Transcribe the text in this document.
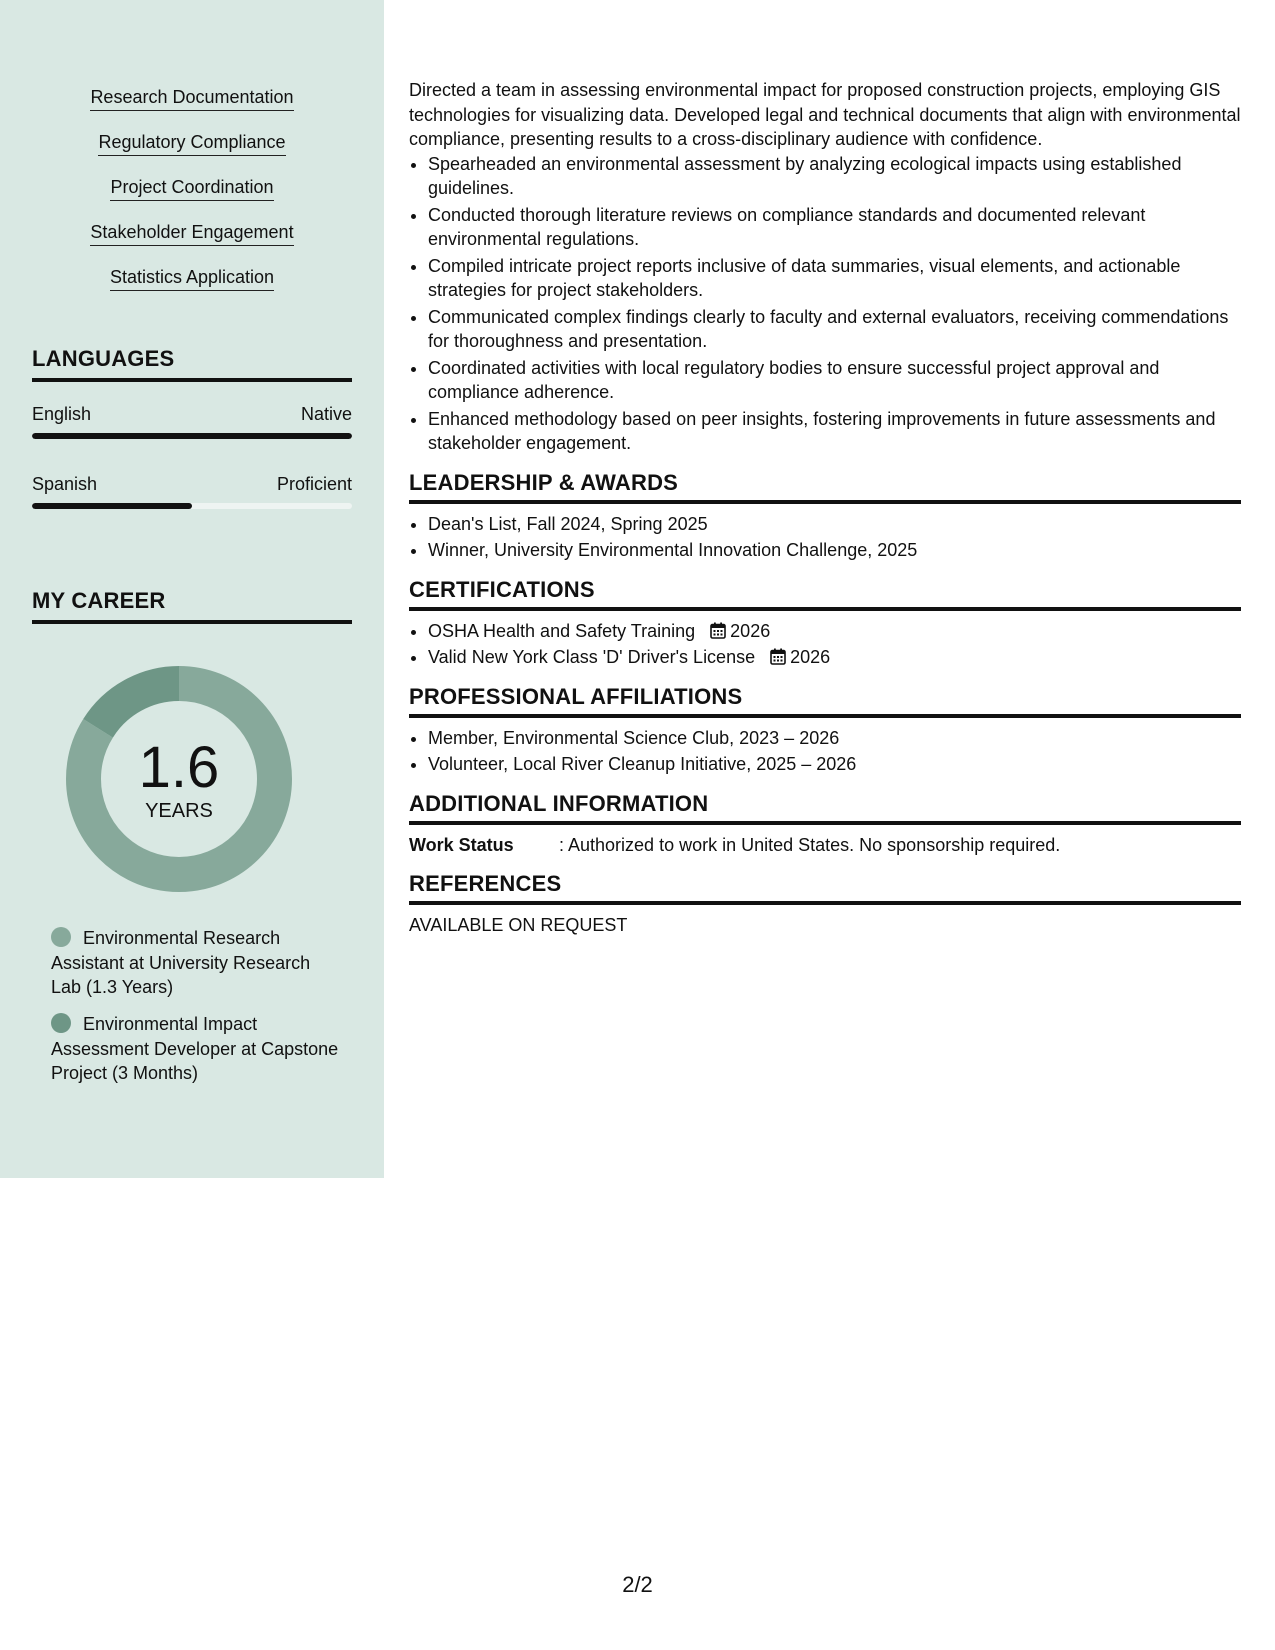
Research Documentation
Regulatory Compliance
Project Coordination
Stakeholder Engagement
Statistics Application
LANGUAGES
English	Native
Spanish	Proficient
MY CAREER
1.6
YEARS
Environmental Research Assistant at University Research Lab (1.3 Years)
Environmental Impact Assessment Developer at Capstone Project (3 Months)

Directed a team in assessing environmental impact for proposed construction projects, employing GIS technologies for visualizing data. Developed legal and technical documents that align with environmental compliance, presenting results to a cross-disciplinary audience with confidence.

• Spearheaded an environmental assessment by analyzing ecological impacts using established guidelines.
• Conducted thorough literature reviews on compliance standards and documented relevant environmental regulations.
• Compiled intricate project reports inclusive of data summaries, visual elements, and actionable strategies for project stakeholders.
• Communicated complex findings clearly to faculty and external evaluators, receiving commendations for thoroughness and presentation.
• Coordinated activities with local regulatory bodies to ensure successful project approval and compliance adherence.
• Enhanced methodology based on peer insights, fostering improvements in future assessments and stakeholder engagement.
LEADERSHIP & AWARDS
• Dean's List, Fall 2024, Spring 2025
• Winner, University Environmental Innovation Challenge, 2025
CERTIFICATIONS
• OSHA Health and Safety Training 2026
• Valid New York Class 'D' Driver's License 2026
PROFESSIONAL AFFILIATIONS
• Member, Environmental Science Club, 2023 – 2026
• Volunteer, Local River Cleanup Initiative, 2025 – 2026
ADDITIONAL INFORMATION
Work Status	: Authorized to work in United States. No sponsorship required.
REFERENCES
AVAILABLE ON REQUEST
2/2
